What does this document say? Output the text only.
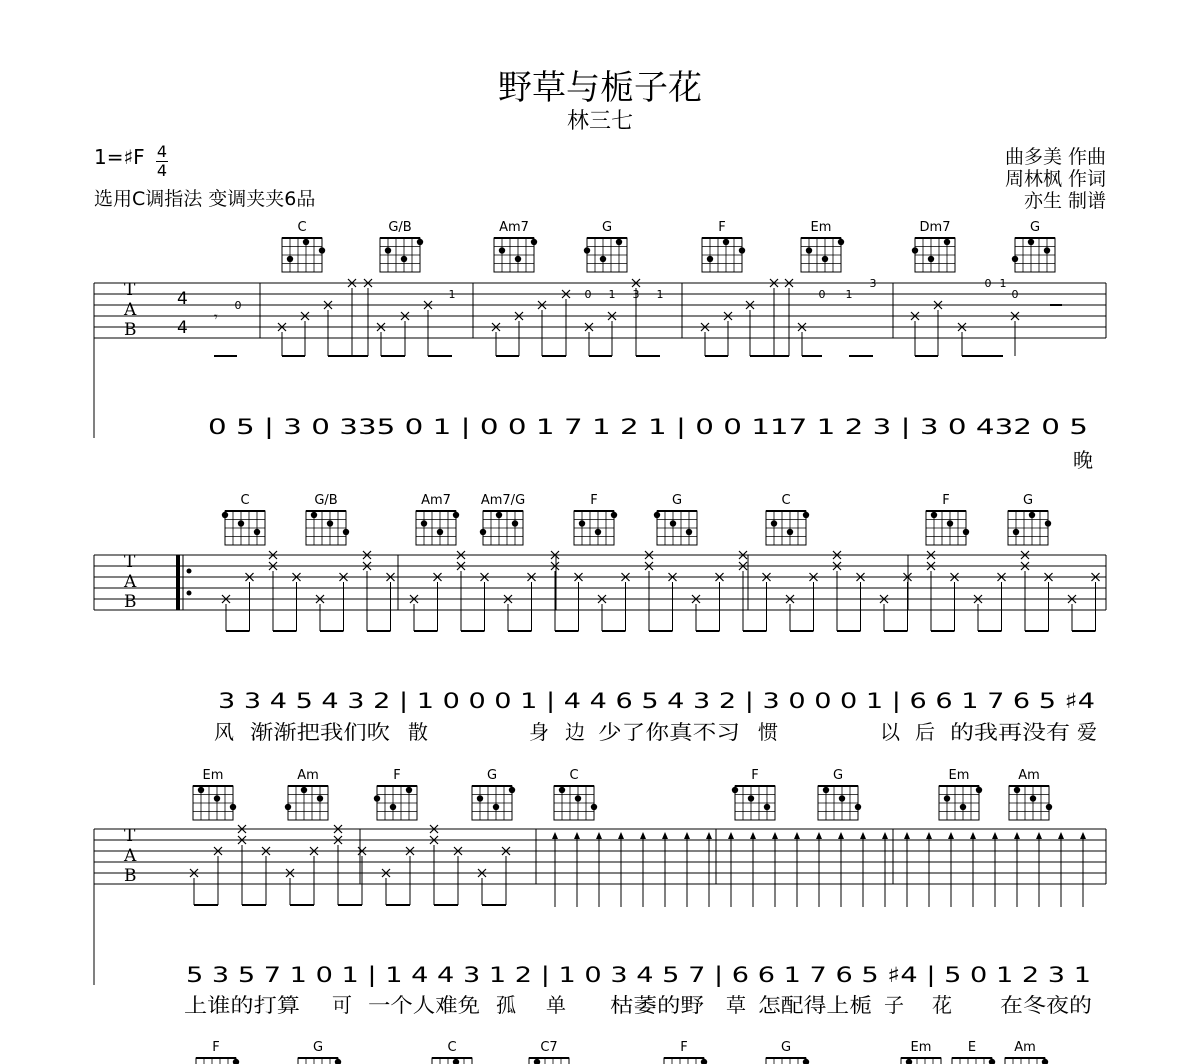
野草与栀子花
林三七
1=♯F 4
4
选用C调指法 变调夹夹6品
曲多美 作曲
周林枫 作词
亦生 制谱
T
A
B
4
4
T
A
B
T
A
B
C	G/B	Am7	G	F	Em	Dm7	G
C	G/B	Am7 Am7/G	F	G	C	F	G
Em	Am	F	G	C	F	G	Em	Am
F	G	C	C7	F	G	Em	E	Am
0
1	0 1 3 1	0 1
3	0 1
0
𝄾
0 5 | 3 0 335 0 1 | 0 0 1 7 1 2 1 | 0 0 117 1 2 3 | 3 0 432 0 5
3 3 4 5 4 3 2 | 1 0 0 0 1 | 4 4 6 5 4 3 2 | 3 0 0 0 1 | 6 6 1 7 6 5 ♯4
5 3 5 7 1 0 1 | 1 4 4 3 1 2 | 1 0 3 4 5 7 | 6 6 1 7 6 5 ♯4 | 5 0 1 2 3 1
晚
风 渐渐把我们吹 散	身 边 少了你真不习 惯	以 后 的我再没有 爱
上谁的打算 可 一个人难免 孤 单 枯萎的野 草 怎配得上栀 子 花 在冬夜的
